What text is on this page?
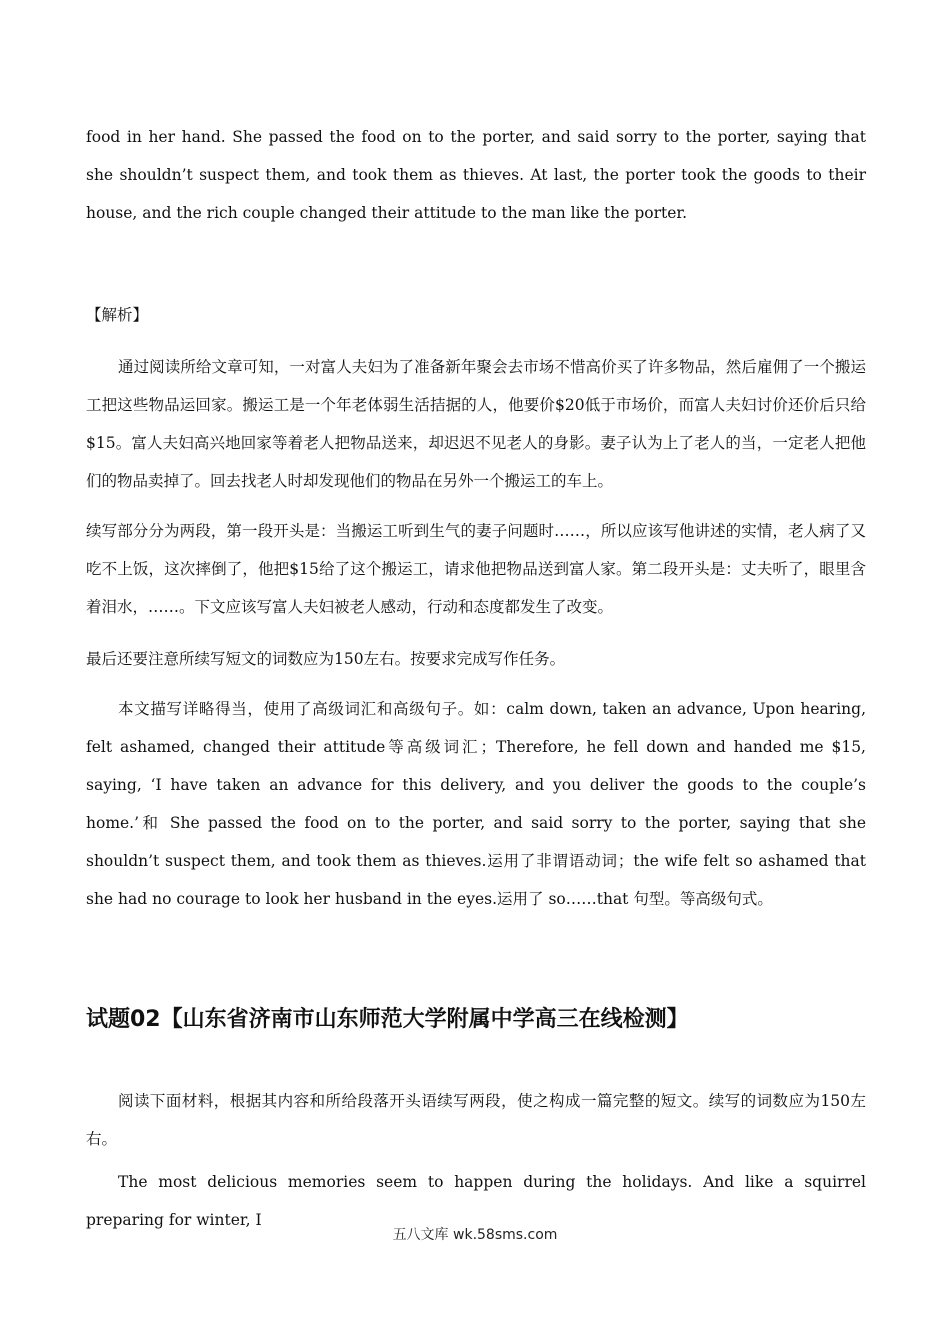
food in her hand. She passed the food on to the porter, and said sorry to the porter, saying that she shouldn’t suspect them, and took them as thieves. At last, the porter took the goods to their house, and the rich couple changed their attitude to the man like the porter.

【解析】

通过阅读所给文章可知，一对富人夫妇为了准备新年聚会去市场不惜高价买了许多物品，然后雇佣了一个搬运工把这些物品运回家。搬运工是一个年老体弱生活拮据的人，他要价$20低于市场价，而富人夫妇讨价还价后只给$15。富人夫妇高兴地回家等着老人把物品送来，却迟迟不见老人的身影。妻子认为上了老人的当，一定老人把他们的物品卖掉了。回去找老人时却发现他们的物品在另外一个搬运工的车上。

续写部分分为两段，第一段开头是：当搬运工听到生气的妻子问题时……，所以应该写他讲述的实情，老人病了又吃不上饭，这次摔倒了，他把$15给了这个搬运工，请求他把物品送到富人家。第二段开头是：丈夫听了，眼里含着泪水，……。下文应该写富人夫妇被老人感动，行动和态度都发生了改变。

最后还要注意所续写短文的词数应为150左右。按要求完成写作任务。

本文描写详略得当，使用了高级词汇和高级句子。如：calm down, taken an advance, Upon hearing, felt ashamed, changed their attitude等高级词汇；Therefore, he fell down and handed me $15, saying, ‘I have taken an advance for this delivery, and you deliver the goods to the couple’s home.’和 She passed the food on to the porter, and said sorry to the porter, saying that she shouldn’t suspect them, and took them as thieves.运用了非谓语动词；the wife felt so ashamed that she had no courage to look her husband in the eyes.运用了 so……that 句型。等高级句式。

试题02【山东省济南市山东师范大学附属中学高三在线检测】

阅读下面材料，根据其内容和所给段落开头语续写两段，使之构成一篇完整的短文。续写的词数应为150左右。

The most delicious memories seem to happen during the holidays. And like a squirrel preparing for winter, I

五八文库 wk.58sms.com
